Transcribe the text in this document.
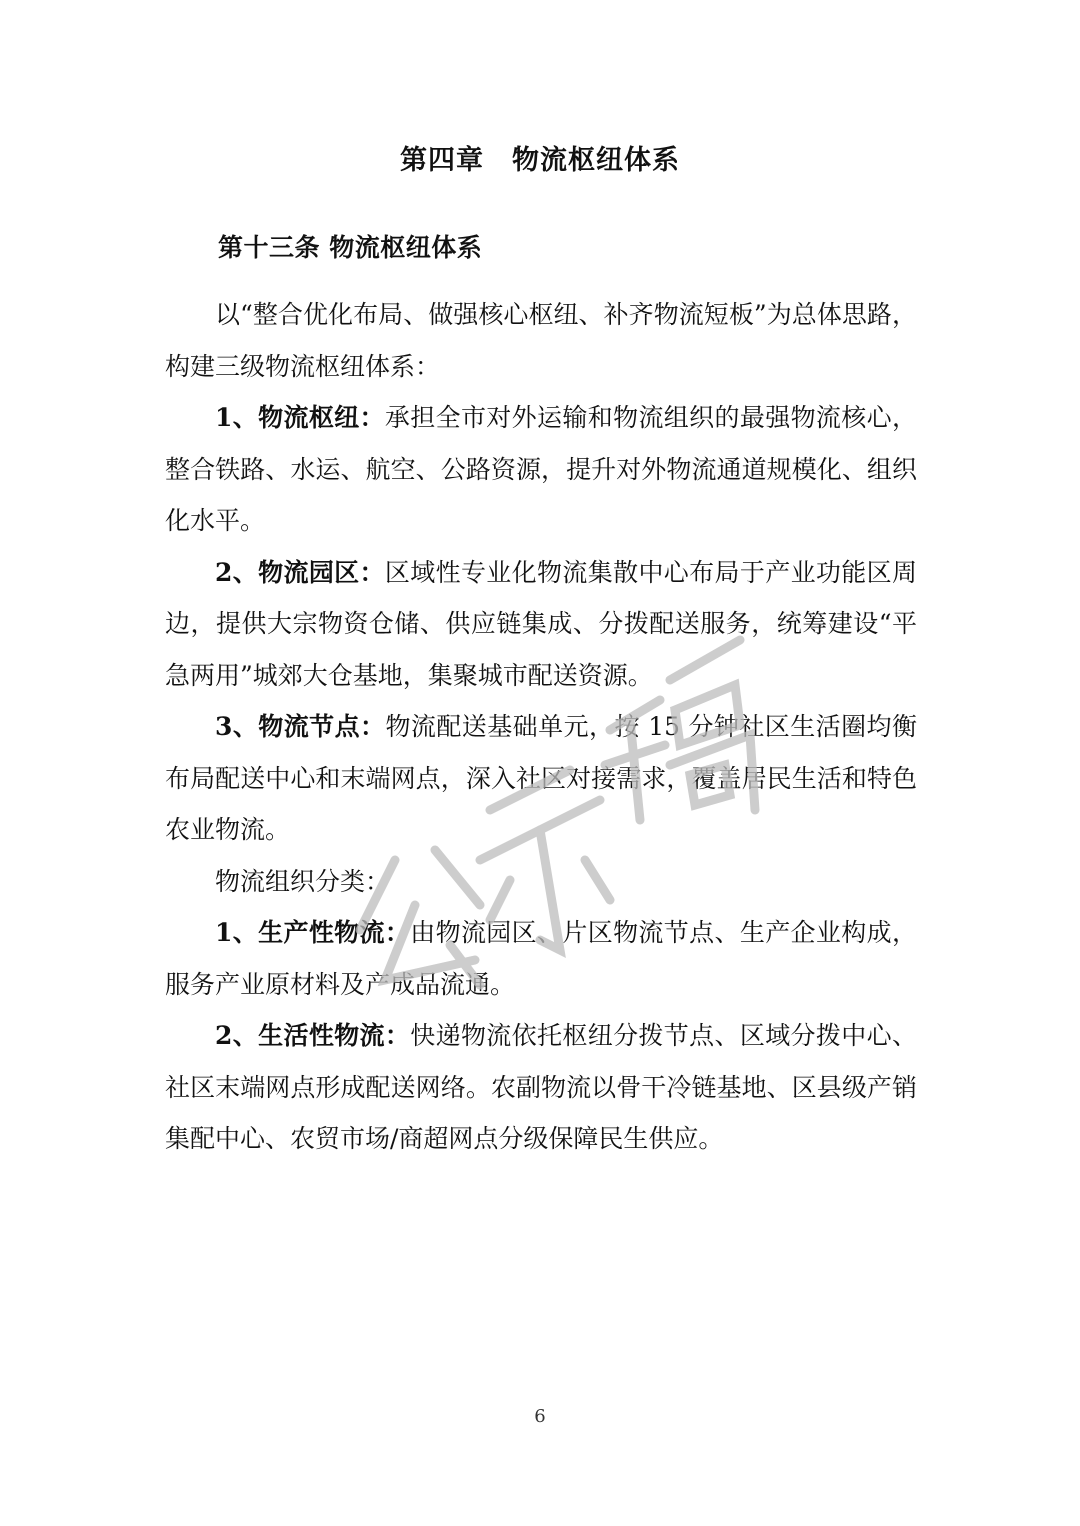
第四章　物流枢纽体系
第十三条 物流枢纽体系

以“整合优化布局、做强核心枢纽、补齐物流短板”为总体思路，构建三级物流枢纽体系：

1、物流枢纽：承担全市对外运输和物流组织的最强物流核心，整合铁路、水运、航空、公路资源，提升对外物流通道规模化、组织化水平。

2、物流园区：区域性专业化物流集散中心布局于产业功能区周边，提供大宗物资仓储、供应链集成、分拨配送服务，统筹建设“平急两用”城郊大仓基地，集聚城市配送资源。

3、物流节点：物流配送基础单元，按 15 分钟社区生活圈均衡布局配送中心和末端网点，深入社区对接需求，覆盖居民生活和特色农业物流。

物流组织分类：

1、生产性物流：由物流园区、片区物流节点、生产企业构成，服务产业原材料及产成品流通。

2、生活性物流：快递物流依托枢纽分拨节点、区域分拨中心、社区末端网点形成配送网络。农副物流以骨干冷链基地、区县级产销集配中心、农贸市场/商超网点分级保障民生供应。

6
